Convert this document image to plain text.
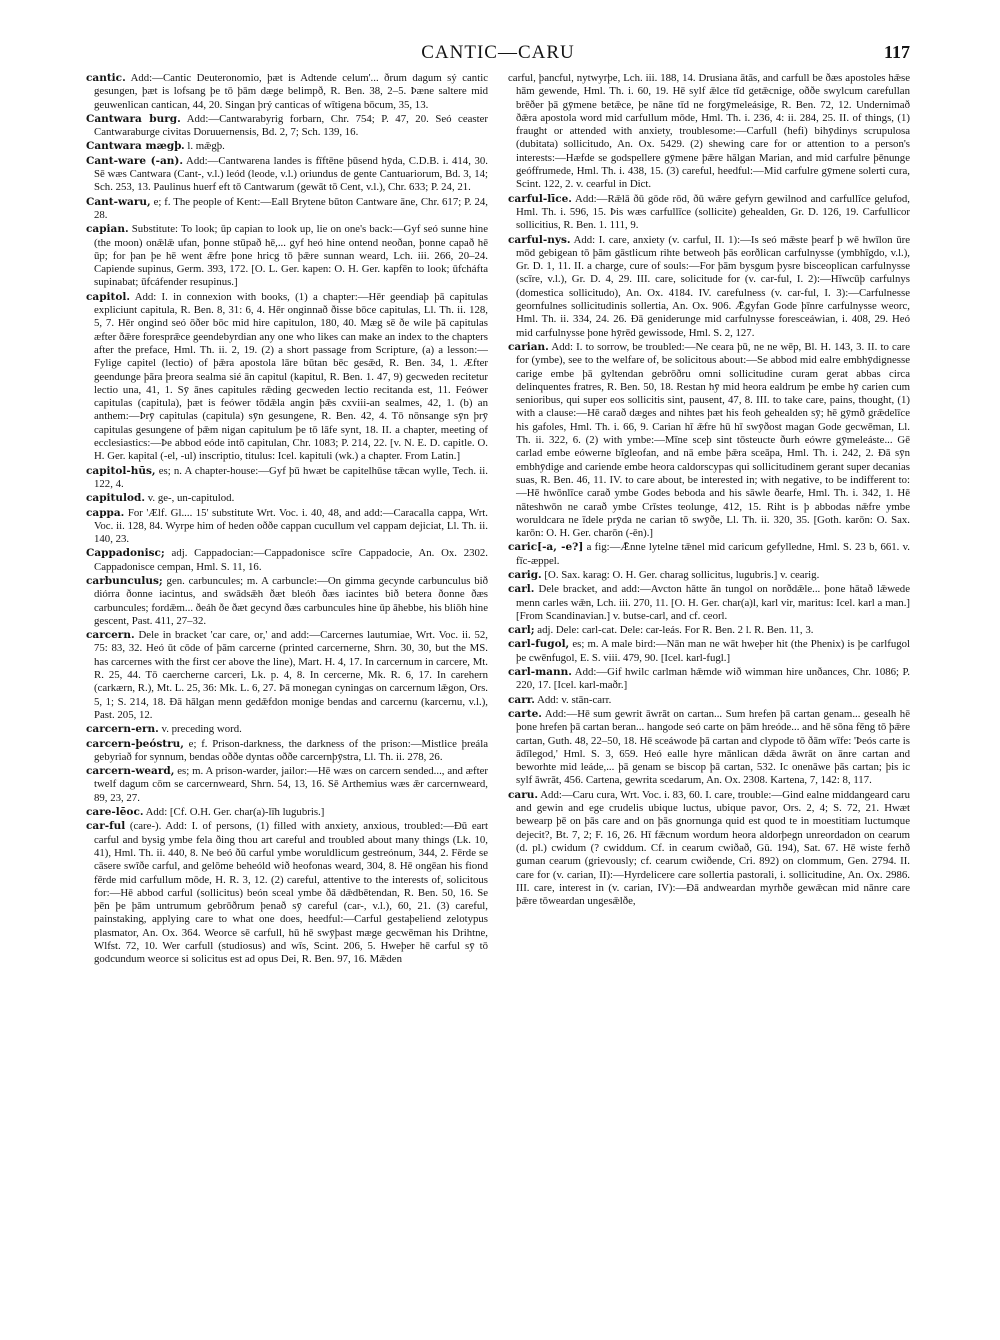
CANTIC—CARU	117

cantic. Add:—Cantic Deuteronomio, þæt is Adtende celum'... ðrum dagum sý cantic gesungen, þæt is lofsang þe tō þām dæge belimpð, R. Ben. 38, 2–5. Þæne saltere mid geuwenlican cantican, 44, 20. Singan þrý canticas of wītigena bōcum, 35, 13.

Cantwara burg. Add:—Cantwarabyrig forbarn, Chr. 754; P. 47, 20. Seó ceaster Cantwaraburge civitas Doruuernensis, Bd. 2, 7; Sch. 139, 16.

Cantwara mægþ. l. mǣgþ.

Cant-ware (-an). Add:—Cantwarena landes is fīftēne þūsend hȳda, C.D.B. i. 414, 30. Sē wæs Cantwara (Cant-, v.l.) leód (leode, v.l.) oriundus de gente Cantuariorum, Bd. 3, 14; Sch. 253, 13. Paulinus huerf eft tō Cantwarum (gewāt tō Cent, v.l.), Chr. 633; P. 24, 21.

Cant-waru, e; f. The people of Kent:—Eall Brytene būton Cantware āne, Chr. 617; P. 24, 28.

capian. Substitute: To look; ūp capian to look up, lie on one's back:—Gyf seó sunne hine (the moon) onǣlǣ ufan, þonne stūpað hē,... gyf heó hine ontend neoðan, þonne capað hē ūp; for þan þe hē went ǣfre þone hricg tō þǣre sunnan weard, Lch. iii. 266, 20–24. Capiende supinus, Germ. 393, 172. [O. L. Ger. kapen: O. H. Ger. kapfēn to look; ūfcháfta supinabat; ūfcáfender resupinus.]

capitol. Add: I. in connexion with books, (1) a chapter:—Hēr geendiaþ þā capitulas expliciunt capitula, R. Ben. 8, 31: 6, 4. Hēr onginnað ðisse bōce capitulas, Ll. Th. ii. 128, 5, 7. Hēr ongind seó ōðer bōc mid hire capitulon, 180, 40. Mæg sē ðe wile þā capitulas æfter ðǣre foresprǣce geendebyrdian any one who likes can make an index to the chapters after the preface, Hml. Th. ii. 2, 19. (2) a short passage from Scripture, (a) a lesson:—Fylige capitel (lectio) of þǣra apostola lāre būtan bēc gesǣd, R. Ben. 34, 1. Æfter geendunge þāra þreora sealma sié ān capitul (kapitul, R. Ben. 1. 47, 9) gecweden recitetur lectio una, 41, 1. Sȳ ānes capitules rǣding gecweden lectio recitanda est, 11. Feówer capitulas (capitula), þæt is feówer tōdǣla angin þǣs cxviii-an sealmes, 42, 1. (b) an anthem:—Þrȳ capitulas (capitula) sȳn gesungene, R. Ben. 42, 4. Tō nōnsange sȳn þrȳ capitulas gesungene of þǣm nigan capitulum þe tō lāfe synt, 18. II. a chapter, meeting of ecclesiastics:—Þe abbod eóde intō capitulan, Chr. 1083; P. 214, 22. [v. N. E. D. capitle. O. H. Ger. kapital (-el, -ul) inscriptio, titulus: Icel. kapituli (wk.) a chapter. From Latin.]

capitol-hūs, es; n. A chapter-house:—Gyf þū hwæt be capitelhūse tǣcan wylle, Tech. ii. 122, 4.

capitulod. v. ge-, un-capitulod.

cappa. For 'Ælf. Gl.... 15' substitute Wrt. Voc. i. 40, 48, and add:—Caracalla cappa, Wrt. Voc. ii. 128, 84. Wyrpe him of heden oððe cappan cucullum vel cappam dejiciat, Ll. Th. ii. 140, 23.

Cappadonisc; adj. Cappadocian:—Cappadonisce scīre Cappadocie, An. Ox. 2302. Cappadonisce cempan, Hml. S. 11, 16.

carbunculus; gen. carbuncules; m. A carbuncle:—On gimma gecynde carbunculus bið diórra ðonne iacintus, and swādsǣh ðæt bleóh ðæs iacintes bið betera ðonne ðæs carbuncules; fordǣm... ðeáh ðe ðæt gecynd ðæs carbuncules hine ūp āhebbe, his bliōh hine gescent, Past. 411, 27–32.

carcern. Dele in bracket 'car care, or,' and add:—Carcernes lautumiae, Wrt. Voc. ii. 52, 75: 83, 32. Heó ūt cōde of þām carcerne (printed carcernerne, Shrn. 30, 30, but the MS. has carcernes with the first cer above the line), Mart. H. 4, 17. In carcernum in carcere, Mt. R. 25, 44. Tō caercherne carceri, Lk. p. 4, 8. In cercerne, Mk. R. 6, 17. In carehern (carkærn, R.), Mt. L. 25, 36: Mk. L. 6, 27. Þā monegan cyningas on carcernum lǣgon, Ors. 5, 1; S. 214, 18. Ðā hālgan menn gedǣfdon monige bendas and carcernu (karcernu, v.l.), Past. 205, 12.

carcern-ern. v. preceding word.

carcern-þeóstru, e; f. Prison-darkness, the darkness of the prison:—Mistlice þreála gebyriað for synnum, bendas oððe dyntas oððe carcernþȳstra, Ll. Th. ii. 278, 26.

carcern-weard, es; m. A prison-warder, jailor:—Hē wæs on carcern sended..., and æfter twelf dagum cōm se carcernweard, Shrn. 54, 13, 16. Sē Arthemius wæs ǣr carcernweard, 89, 23, 27.

care-lēoc. Add: [Cf. O.H. Ger. char(a)-līh lugubris.]

car-ful (care-). Add: I. of persons, (1) filled with anxiety, anxious, troubled:—Ðū eart carful and bysig ymbe fela ðing thou art careful and troubled about many things (Lk. 10, 41), Hml. Th. ii. 440, 8. Ne beó ðū carful ymbe woruldlicum gestreónum, 344, 2. Fērde se cāsere swīðe carful, and gelōme beheóld wið heofonas weard, 304, 8. Hē ongēan his fiond fērde mid carfullum mōde, H. R. 3, 12. (2) careful, attentive to the interests of, solicitous for:—Hē abbod carful (sollicitus) beón sceal ymbe ðā dǣdbētendan, R. Ben. 50, 16. Se þēn þe þām untrumum gebrōðrum þenað sȳ careful (car-, v.l.), 60, 21. (3) careful, painstaking, applying care to what one does, heedful:—Carful gestaþeliend zelotypus plasmator, An. Ox. 364. Weorce sē carfull, hū hē swȳþast mæge gecwēman his Drihtne, Wlfst. 72, 10. Wer carfull (studiosus) and wīs, Scint. 206, 5. Hweþer hē carful sȳ tō godcundum weorce si solicitus est ad opus Dei, R. Ben. 97, 16. Mǣden

carful, þancful, nytwyrþe, Lch. iii. 188, 14. Drusiana ātās, and carfull be ðæs apostoles hǣse hām gewende, Hml. Th. i. 60, 19. Hē sylf ǣlce tīd getǣcnige, oððe swylcum carefullan brēðer þā gȳmene betǣce, þe nāne tīd ne forgȳmeleásige, R. Ben. 72, 12. Undernimað ðǣra apostola word mid carfullum mōde, Hml. Th. i. 236, 4: ii. 284, 25. II. of things, (1) fraught or attended with anxiety, troublesome:—Carfull (hefi) bihȳdinys scrupulosa (dubitata) sollicitudo, An. Ox. 5429. (2) shewing care for or attention to a person's interests:—Hæfde se godspellere gȳmene þǣre hālgan Marian, and mid carfulre þēnunge geóffrumede, Hml. Th. i. 438, 15. (3) careful, heedful:—Mid carfulre gȳmene solerti cura, Scint. 122, 2. v. cearful in Dict.

carful-līce. Add:—Rǣlā ðū gōde rōd, ðū wǣre gefyrn gewilnod and carfullīce gelufod, Hml. Th. i. 596, 15. Þis wæs carfullīce (sollicite) gehealden, Gr. D. 126, 19. Carfullicor sollicitius, R. Ben. 1. 111, 9.

carful-nys. Add: I. care, anxiety (v. carful, II. 1):—Is seó mǣste þearf þ wē hwīlon ūre mōd gebigean tō þām gāstlicum rihte betweoh þās eorðlican carfulnysse (ymbhīgdo, v.l.), Gr. D. 1, 11. II. a charge, cure of souls:—For þām bysgum þysre bisceoplican carfulnysse (scīre, v.l.), Gr. D. 4, 29. III. care, solicitude for (v. car-ful, I. 2):—Hīwcūþ carfulnys (domestica sollicitudo), An. Ox. 4184. IV. carefulness (v. car-ful, I. 3):—Carfulnesse geornfulnes sollicitudinis sollertia, An. Ox. 906. Ǣgyfan Gode þīnre carfulnysse weorc, Hml. Th. ii. 334, 24. 26. Ðā geniderunge mid carfulnysse foresceáwian, i. 408, 29. Heó mid carfulnysse þone hȳrēd gewissode, Hml. S. 2, 127.

carian. Add: I. to sorrow, be troubled:—Ne ceara þū, ne ne wēp, Bl. H. 143, 3. II. to care for (ymbe), see to the welfare of, be solicitous about:—Se abbod mid ealre embhȳdignesse carige embe þā gyltendan gebrōðru omni sollicitudine curam gerat abbas circa delinquentes fratres, R. Ben. 50, 18. Restan hȳ mid heora ealdrum þe embe hȳ carien cum senioribus, qui super eos sollicitis sint, pausent, 47, 8. III. to take care, pains, thought, (1) with a clause:—Hē carað dæges and nihtes þæt his feoh gehealden sȳ; hē gȳmð grǣdelīce his gafoles, Hml. Th. i. 66, 9. Carian hī ǣfre hū hī swȳðost magan Gode gecwēman, Ll. Th. ii. 322, 6. (2) with ymbe:—Mīne sceþ sint tōsteucte ðurh eówre gȳmeleáste... Gē carlad embe eówerne bīgleofan, and nā embe þǣra sceāpa, Hml. Th. i. 242, 2. Ðā sȳn embhȳdige and cariende embe heora caldorscypas qui sollicitudinem gerant super decanias suas, R. Ben. 46, 11. IV. to care about, be interested in; with negative, to be indifferent to:—Hē hwōnlīce carað ymbe Godes beboda and his sāwle ðearfe, Hml. Th. i. 342, 1. Hē nāteshwōn ne carað ymbe Crīstes teolunge, 412, 15. Riht is þ abbodas nǣfre ymbe woruldcara ne īdele prȳda ne carian tō swȳðe, Ll. Th. ii. 320, 35. [Goth. karōn: O. Sax. karōn: O. H. Ger. charōn (-ēn).]

caric[-a, -e?] a fig:—Ǣnne lytelne tǣnel mid caricum gefylledne, Hml. S. 23 b, 661. v. fīc-æppel.

carig. [O. Sax. karag: O. H. Ger. charag sollicitus, lugubris.] v. cearig.

carl. Dele bracket, and add:—Avcton hātte ān tungol on norðdǣle... þone hātað lǣwede menn carles wǣn, Lch. iii. 270, 11. [O. H. Ger. char(a)l, karl vir, maritus: Icel. karl a man.] [From Scandinavian.] v. butse-carl, and cf. ceorl.

carl; adj. Dele: carl-cat. Dele: car-leás. For R. Ben. 2 l. R. Ben. 11, 3.

carl-fugol, es; m. A male bird:—Nān man ne wāt hweþer hit (the Phenix) is þe carlfugol þe cwēnfugol, E. S. viii. 479, 90. [Icel. karl-fugl.]

carl-mann. Add:—Gif hwilc carlman hǣmde wið wimman hire unðances, Chr. 1086; P. 220, 17. [Icel. karl-maðr.]

carr. Add: v. stān-carr.

carte. Add:—Hē sum gewrit āwrāt on cartan... Sum hrefen þā cartan genam... gesealh hē þone hrefen þā cartan beran... hangode seó carte on þām hreóde... and hē sōna fēng tō þǣre cartan, Guth. 48, 22–50, 18. Hē sceáwode þā cartan and clypode tō ðām wīfe: 'Þeós carte is ādīlegod,' Hml. S. 3, 659. Heó ealle hyre mānlican dǣda āwrāt on ānre cartan and beworhte mid leáde,... þā genam se biscop þā cartan, 532. Ic onenāwe þās cartan; þis ic sylf āwrāt, 456. Cartena, gewrita scedarum, An. Ox. 2308. Kartena, 7, 142: 8, 117.

caru. Add:—Caru cura, Wrt. Voc. i. 83, 60. I. care, trouble:—Gind ealne middangeard caru and gewin and ege crudelis ubique luctus, ubique pavor, Ors. 2, 4; S. 72, 21. Hwæt bewearp þē on þās care and on þās gnornunga quid est quod te in moestitiam luctumque dejecit?, Bt. 7, 2; F. 16, 26. Hī fǣcnum wordum heora aldorþegn unreordadon on cearum (d. pl.) cwidum (? cwiddum. Cf. in cearum cwiðað, Gū. 194), Sat. 67. Hē wiste ferhð guman cearum (grievously; cf. cearum cwiðende, Cri. 892) on clommum, Gen. 2794. II. care for (v. carian, II):—Hyrdelicere care sollertia pastorali, i. sollicitudine, An. Ox. 2986. III. care, interest in (v. carian, IV):—Ðā andweardan myrhðe gewǣcan mid nānre care þǣre tōweardan ungesǣlðe,
